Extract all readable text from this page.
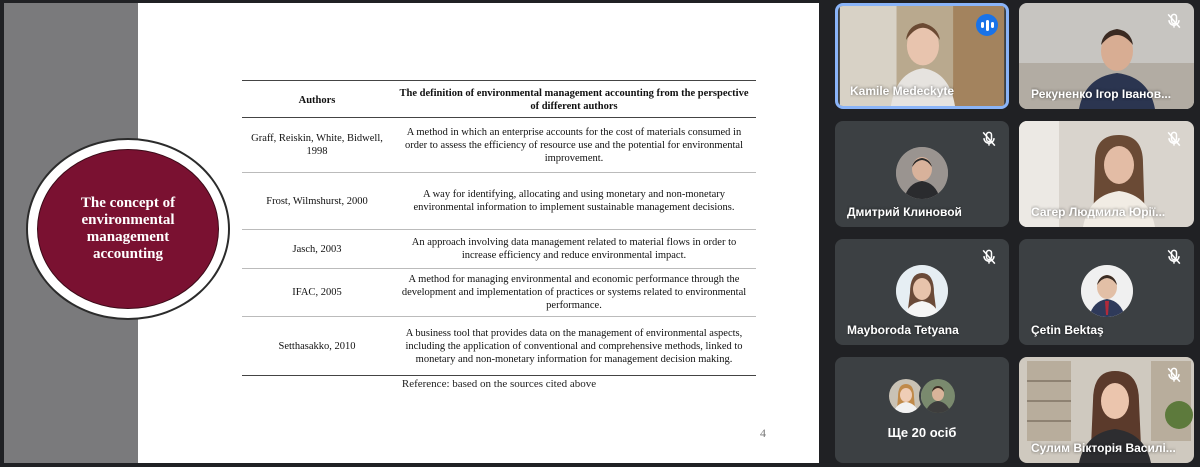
The concept of environmental management accounting
Authors	The definition of environmental management accounting from the perspective of different authors
Graff, Reiskin, White, Bidwell, 1998	A method in which an enterprise accounts for the cost of materials consumed in order to assess the efficiency of resource use and the potential for environmental improvement.
Frost, Wilmshurst, 2000	A way for identifying, allocating and using monetary and non-monetary environmental information to implement sustainable management decisions.
Jasch, 2003	An approach involving data management related to material flows in order to increase efficiency and reduce environmental impact.
IFAC, 2005	A method for managing environmental and economic performance through the development and implementation of practices or systems related to environmental performance.
Setthasakko, 2010	A business tool that provides data on the management of environmental aspects, including the application of conventional and comprehensive methods, linked to monetary and non-monetary information for management decision making.
Reference: based on the sources cited above
4
Kamile Medeckyte	Рекуненко Ігор Іванов...
Дмитрий Клиновой	Сагер Людмила Юрії...
Mayboroda Tetyana	Çetin Bektaş
Ще 20 осіб
Сулим Вікторія Василі...
